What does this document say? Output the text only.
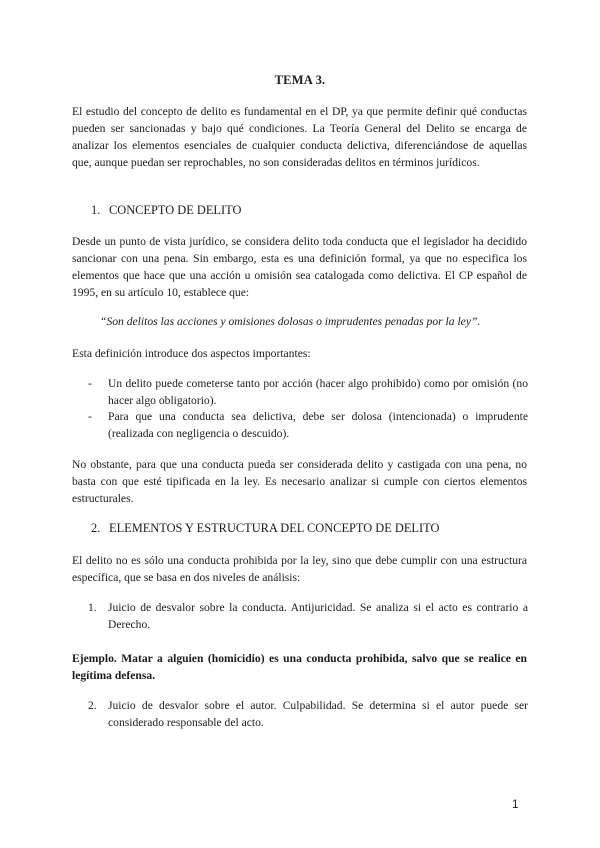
TEMA 3.
El estudio del concepto de delito es fundamental en el DP, ya que permite definir qué conductas pueden ser sancionadas y bajo qué condiciones. La Teoría General del Delito se encarga de analizar los elementos esenciales de cualquier conducta delictiva, diferenciándose de aquellas que, aunque puedan ser reprochables, no son consideradas delitos en términos jurídicos.
1. CONCEPTO DE DELITO
Desde un punto de vista jurídico, se considera delito toda conducta que el legislador ha decidido sancionar con una pena. Sin embargo, esta es una definición formal, ya que no especifica los elementos que hace que una acción u omisión sea catalogada como delictiva. El CP español de 1995, en su artículo 10, establece que:
“Son delitos las acciones y omisiones dolosas o imprudentes penadas por la ley”.
Esta definición introduce dos aspectos importantes:
- Un delito puede cometerse tanto por acción (hacer algo prohibido) como por omisión (no hacer algo obligatorio).
- Para que una conducta sea delictiva, debe ser dolosa (intencionada) o imprudente (realizada con negligencia o descuido).
No obstante, para que una conducta pueda ser considerada delito y castigada con una pena, no basta con que esté tipificada en la ley. Es necesario analizar si cumple con ciertos elementos estructurales.
2. ELEMENTOS Y ESTRUCTURA DEL CONCEPTO DE DELITO
El delito no es sólo una conducta prohibida por la ley, sino que debe cumplir con una estructura específica, que se basa en dos niveles de análisis:
1. Juicio de desvalor sobre la conducta. Antijuricidad. Se analiza si el acto es contrario a Derecho.
Ejemplo. Matar a alguien (homicidio) es una conducta prohibida, salvo que se realice en legítima defensa.
2. Juicio de desvalor sobre el autor. Culpabilidad. Se determina si el autor puede ser considerado responsable del acto.
1
